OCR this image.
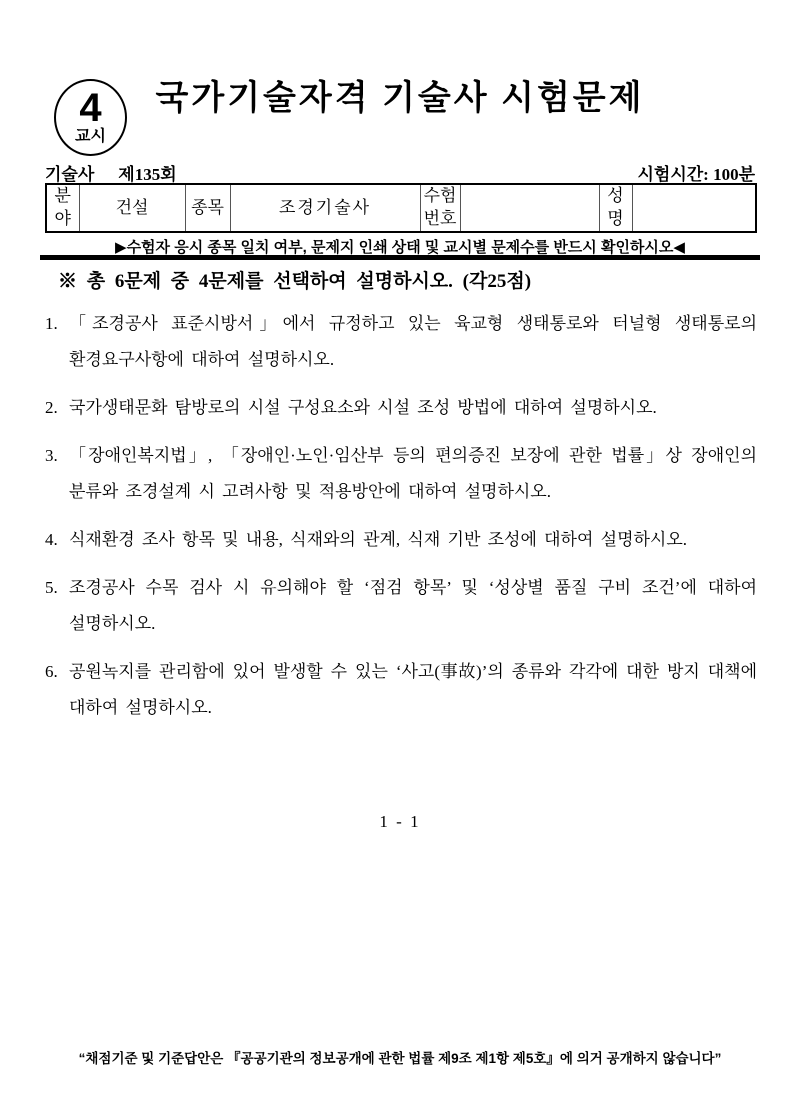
4
교시
국가기술자격 기술사 시험문제
기술사 제135회	시험시간: 100분
분야	건설	종목	조경기술사	수험번호		성명	
▶수험자 응시 종목 일치 여부, 문제지 인쇄 상태 및 교시별 문제수를 반드시 확인하시오◀
※ 총 6문제 중 4문제를 선택하여 설명하시오. (각25점)
1. 「조경공사 표준시방서」에서 규정하고 있는 육교형 생태통로와 터널형 생태통로의 환경요구사항에 대하여 설명하시오.
2. 국가생태문화 탐방로의 시설 구성요소와 시설 조성 방법에 대하여 설명하시오.
3. 「장애인복지법」, 「장애인·노인·임산부 등의 편의증진 보장에 관한 법률」상 장애인의 분류와 조경설계 시 고려사항 및 적용방안에 대하여 설명하시오.
4. 식재환경 조사 항목 및 내용, 식재와의 관계, 식재 기반 조성에 대하여 설명하시오.
5. 조경공사 수목 검사 시 유의해야 할 ‘점검 항목’ 및 ‘성상별 품질 구비 조건’에 대하여 설명하시오.
6. 공원녹지를 관리함에 있어 발생할 수 있는 ‘사고(事故)’의 종류와 각각에 대한 방지 대책에 대하여 설명하시오.
1 - 1
“채점기준 및 기준답안은 『공공기관의 정보공개에 관한 법률 제9조 제1항 제5호』에 의거 공개하지 않습니다”
